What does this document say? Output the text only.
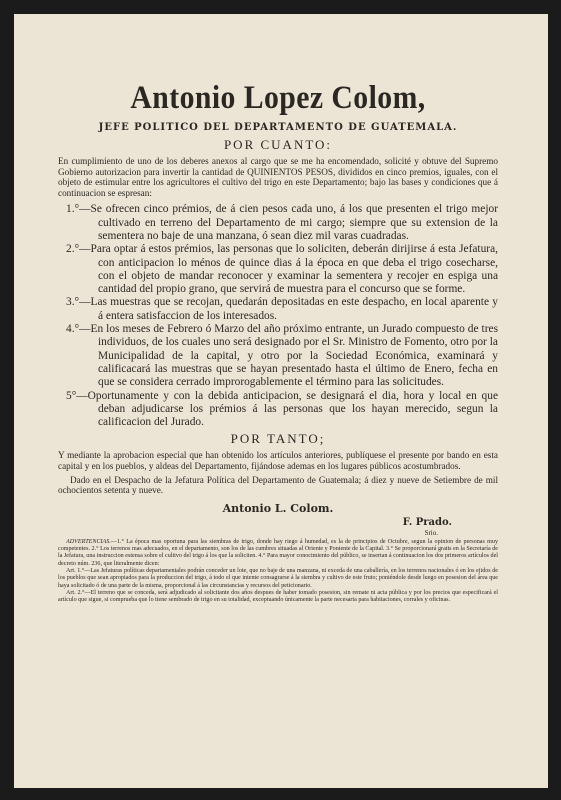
Antonio Lopez Colom,
JEFE POLITICO DEL DEPARTAMENTO DE GUATEMALA.
POR CUANTO:

En cumplimiento de uno de los deberes anexos al cargo que se me ha encomendado, solicité y obtuve del Supremo Gobierno autorizacion para invertir la cantidad de QUINIENTOS PESOS, divididos en cinco premios, iguales, con el objeto de estimular entre los agricultores el cultivo del trigo en este Departamento; bajo las bases y condiciones que á continuacion se espresan:

1.°—Se ofrecen cinco prémios, de á cien pesos cada uno, á los que presenten el trigo mejor cultivado en terreno del Departamento de mi cargo; siempre que su extension de la sementera no baje de una manzana, ó sean diez mil varas cuadradas.
2.°—Para optar á estos prémios, las personas que lo soliciten, deberán dirijirse á esta Jefatura, con anticipacion lo ménos de quince dias á la época en que deba el trigo cosecharse, con el objeto de mandar reconocer y examinar la sementera y recojer en espiga una cantidad del propio grano, que servirá de muestra para el concurso que se forme.
3.°—Las muestras que se recojan, quedarán depositadas en este despacho, en local aparente y á entera satisfaccion de los interesados.
4.°—En los meses de Febrero ó Marzo del año próximo entrante, un Jurado compuesto de tres individuos, de los cuales uno será designado por el Sr. Ministro de Fomento, otro por la Municipalidad de la capital, y otro por la Sociedad Económica, examinará y calificacará las muestras que se hayan presentado hasta el último de Enero, fecha en que se considera cerrado improrogablemente el término para las solicitudes.
5°—Oportunamente y con la debida anticipacion, se designará el dia, hora y local en que deban adjudicarse los prémios á las personas que los hayan merecido, segun la calificacion del Jurado.
POR TANTO;

Y mediante la aprobacion especial que han obtenido los artículos anteriores, publíquese el presente por bando en esta capital y en los pueblos, y aldeas del Departamento, fijándose ademas en los lugares públicos acostumbrados.

Dado en el Despacho de la Jefatura Política del Departamento de Guatemala; á diez y nueve de Setiembre de mil ochocientos setenta y nueve.

Antonio L. Colom.
F. Prado.
Srio.

ADVERTENCIAS.—1.° La época mas oportuna para las siembras de trigo, donde hay riego á humedad, es la de principios de Octubre, segun la opinion de personas muy competentes. 2.° Los terrenos mas adecuados, en el departamento, son los de las cumbres situadas al Oriente y Poniente de la Capital. 3.° Se proporcionará gratis en la Secretaría de la Jefatura, una instruccion estensa sobre el cultivo del trigo á los que la soliciten. 4.° Para mayor conocimiento del público, se insertan á continuacion los dos primeros artículos del decreto núm. 236, que literalmente dicen:

Art. 1.°—Las Jefaturas políticas departamentales podrán conceder un lote, que no baje de una manzana, ni exceda de una caballería, en los terrenos nacionales ó en los ejidos de los pueblos que sean apropiados para la produccion del trigo, á todo el que intente consagrarse á la siembra y cultivo de este fruto; poniéndole desde luego en posesion del área que haya solicitado ó de una parte de la misma, proporcional á las circunstancias y recursos del peticionario.

Art. 2.°—El terreno que se conceda, será adjudicado al solicitante dos años despues de haber tomado posesion, sin remate ni acta pública y por los precios que especificará el artículo que sigue, si comprueba que lo tiene sembrado de trigo en su totalidad, exceptuando únicamente la parte necesaria para habitaciones, corrales y oficinas.
